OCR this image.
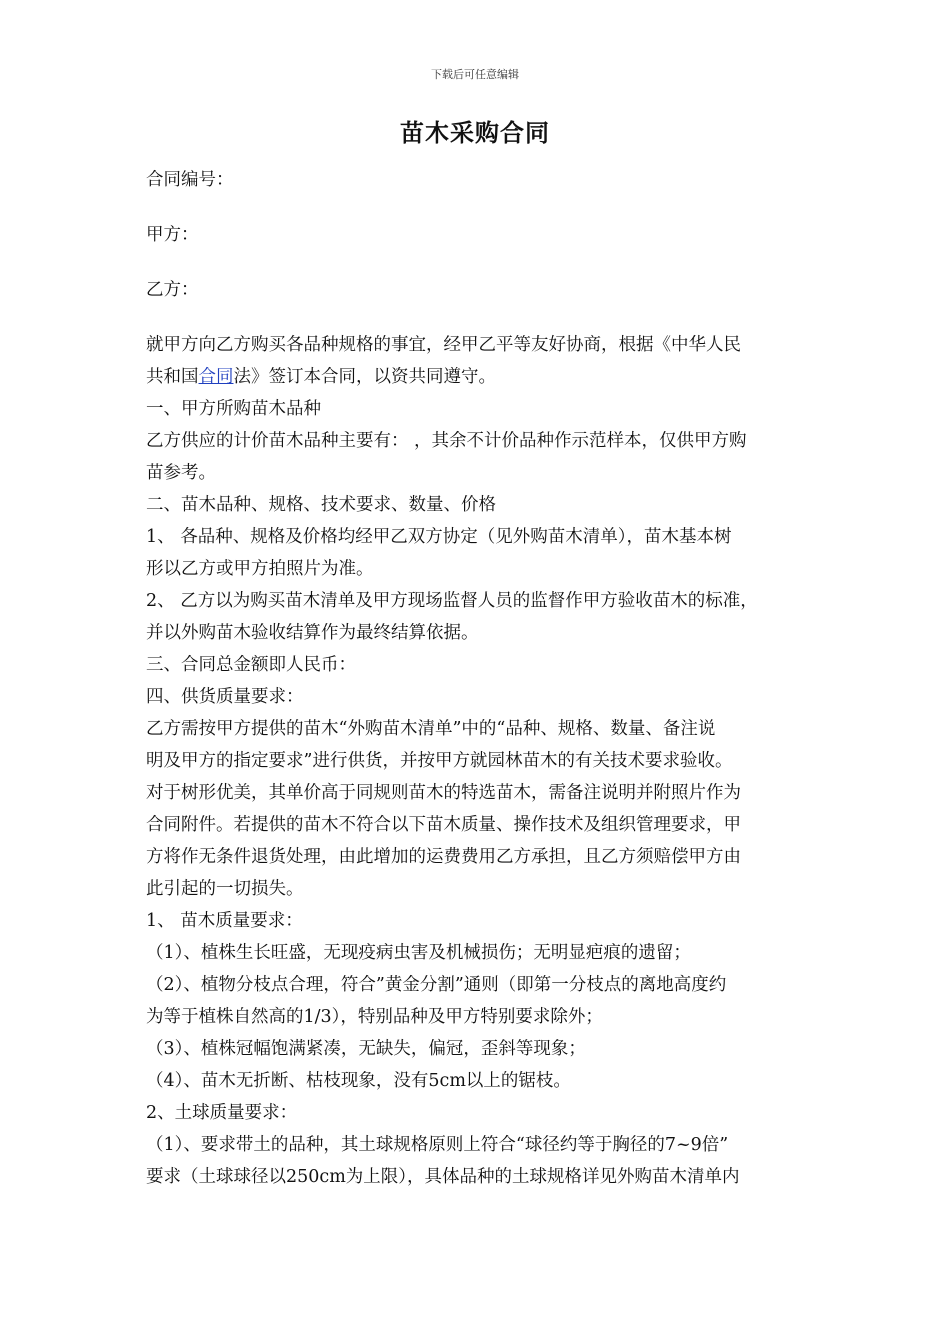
下载后可任意编辑
苗木采购合同
合同编号：
甲方：
乙方：
就甲方向乙方购买各品种规格的事宜，经甲乙平等友好协商，根据《中华人民
共和国合同法》签订本合同，以资共同遵守。
一、甲方所购苗木品种
乙方供应的计价苗木品种主要有： ，其余不计价品种作示范样本，仅供甲方购
苗参考。
二、苗木品种、规格、技术要求、数量、价格
1、 各品种、规格及价格均经甲乙双方协定（见外购苗木清单），苗木基本树
形以乙方或甲方拍照片为准。
2、 乙方以为购买苗木清单及甲方现场监督人员的监督作甲方验收苗木的标准，
并以外购苗木验收结算作为最终结算依据。
三、合同总金额即人民币：
四、供货质量要求：
乙方需按甲方提供的苗木“外购苗木清单”中的“品种、规格、数量、备注说
明及甲方的指定要求”进行供货，并按甲方就园林苗木的有关技术要求验收。
对于树形优美，其单价高于同规则苗木的特选苗木，需备注说明并附照片作为
合同附件。若提供的苗木不符合以下苗木质量、操作技术及组织管理要求，甲
方将作无条件退货处理，由此增加的运费费用乙方承担，且乙方须赔偿甲方由
此引起的一切损失。
1、 苗木质量要求：
（1）、植株生长旺盛，无现疫病虫害及机械损伤；无明显疤痕的遗留；
（2）、植物分枝点合理，符合”黄金分割”通则（即第一分枝点的离地高度约
为等于植株自然高的1/3），特别品种及甲方特别要求除外；
（3）、植株冠幅饱满紧凑，无缺失，偏冠，歪斜等现象；
（4）、苗木无折断、枯枝现象，没有5cm以上的锯枝。
2、土球质量要求：
（1）、要求带土的品种，其土球规格原则上符合“球径约等于胸径的7~9倍”
要求（土球球径以250cm为上限），具体品种的土球规格详见外购苗木清单内
